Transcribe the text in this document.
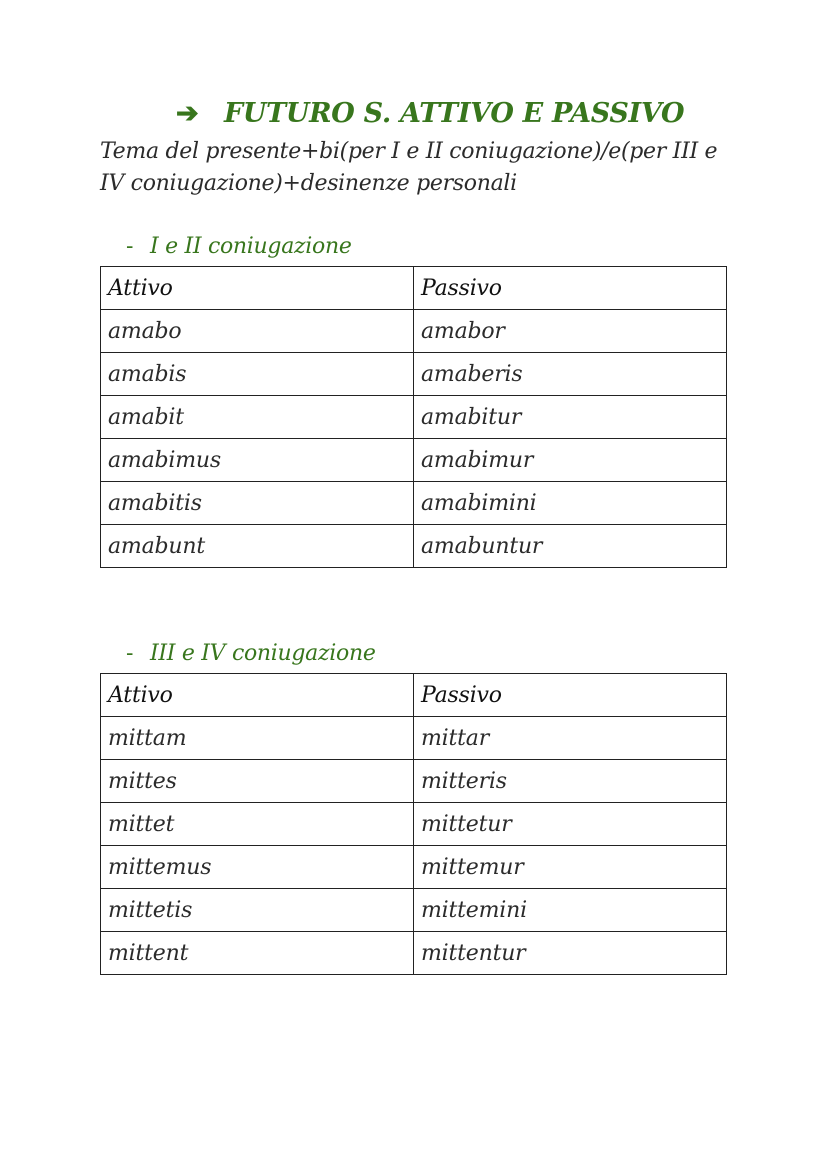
➔ FUTURO S. ATTIVO E PASSIVO
Tema del presente+bi(per I e II coniugazione)/e(per III e IV coniugazione)+desinenze personali
- I e II coniugazione
Attivo	Passivo
amabo	amabor
amabis	amaberis
amabit	amabitur
amabimus	amabimur
amabitis	amabimini
amabunt	amabuntur
- III e IV coniugazione
Attivo	Passivo
mittam	mittar
mittes	mitteris
mittet	mittetur
mittemus	mittemur
mittetis	mittemini
mittent	mittentur
